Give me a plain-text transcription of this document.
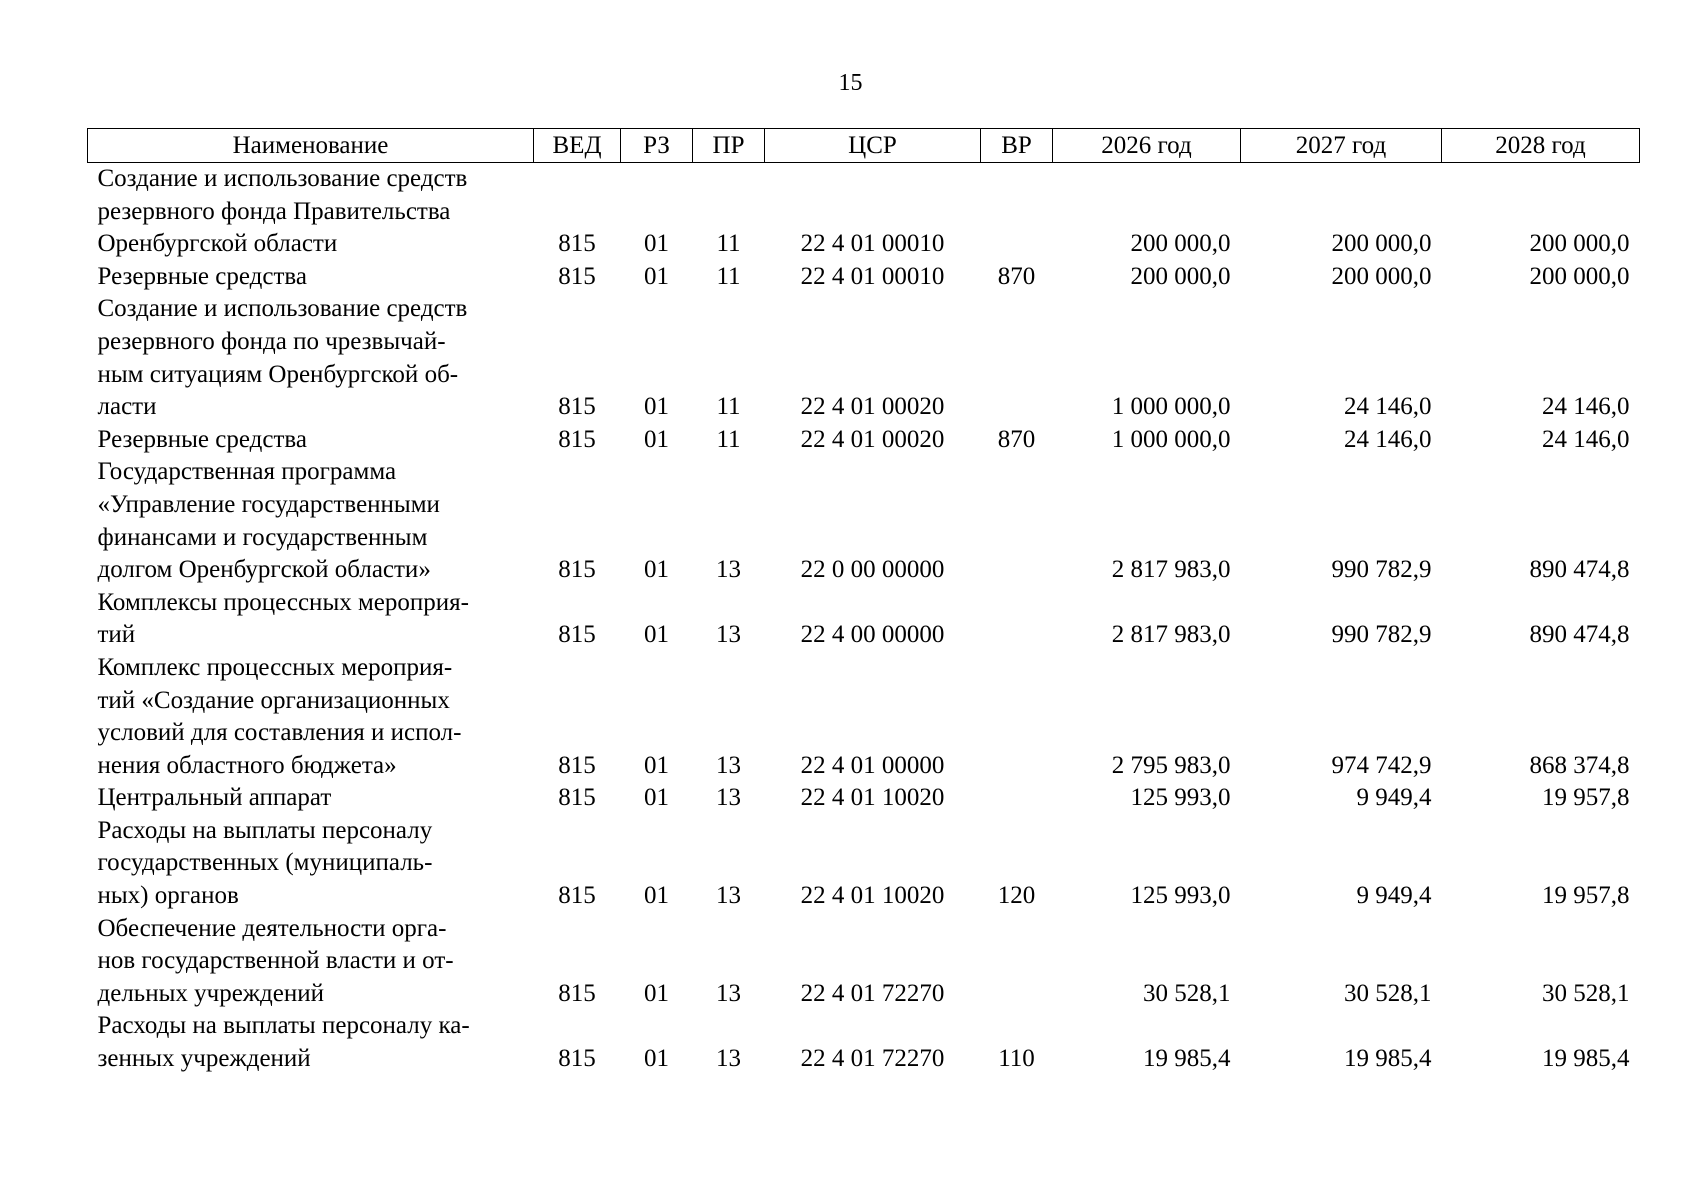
15
Наименование	ВЕД	РЗ	ПР	ЦСР	ВР	2026 год	2027 год	2028 год

Создание и использование средств
резервного фонда Правительства
Оренбургской области	815	01	11	22 4 01 00010		200 000,0	200 000,0	200 000,0

Резервные средства	815	01	11	22 4 01 00010	870	200 000,0	200 000,0	200 000,0

Создание и использование средств
резервного фонда по чрезвычай-
ным ситуациям Оренбургской об-
ласти	815	01	11	22 4 01 00020		1 000 000,0	24 146,0	24 146,0

Резервные средства	815	01	11	22 4 01 00020	870	1 000 000,0	24 146,0	24 146,0

Государственная программа
«Управление государственными
финансами и государственным
долгом Оренбургской области»	815	01	13	22 0 00 00000		2 817 983,0	990 782,9	890 474,8

Комплексы процессных мероприя-
тий	815	01	13	22 4 00 00000		2 817 983,0	990 782,9	890 474,8

Комплекс процессных мероприя-
тий «Создание организационных
условий для составления и испол-
нения областного бюджета»	815	01	13	22 4 01 00000		2 795 983,0	974 742,9	868 374,8

Центральный аппарат	815	01	13	22 4 01 10020		125 993,0	9 949,4	19 957,8

Расходы на выплаты персоналу
государственных (муниципаль-
ных) органов	815	01	13	22 4 01 10020	120	125 993,0	9 949,4	19 957,8

Обеспечение деятельности орга-
нов государственной власти и от-
дельных учреждений	815	01	13	22 4 01 72270		30 528,1	30 528,1	30 528,1

Расходы на выплаты персоналу ка-
зенных учреждений	815	01	13	22 4 01 72270	110	19 985,4	19 985,4	19 985,4
